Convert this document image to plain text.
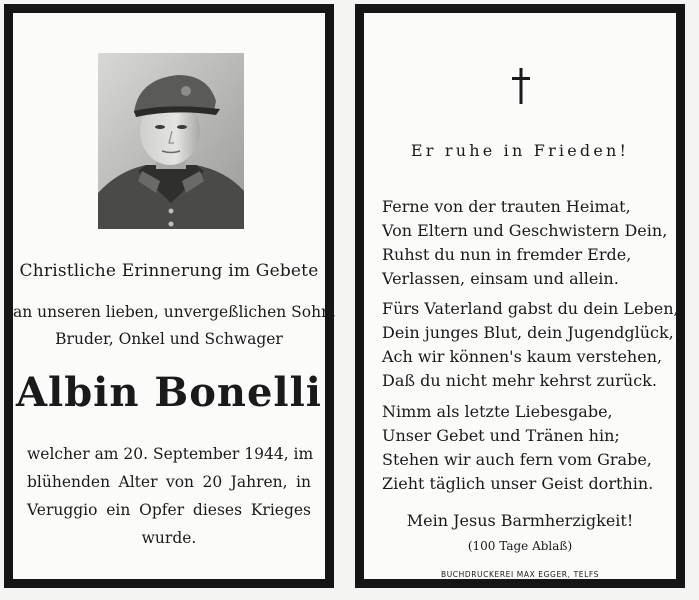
Christliche Erinnerung im Gebete
an unseren lieben, unvergeßlichen Sohn,
Bruder, Onkel und Schwager
Albin Bonelli
welcher am 20. September 1944, im
blühenden Alter von 20 Jahren, in
Veruggio ein Opfer dieses Krieges
wurde.
Er ruhe in Frieden!
Ferne von der trauten Heimat,
Von Eltern und Geschwistern Dein,
Ruhst du nun in fremder Erde,
Verlassen, einsam und allein.
Fürs Vaterland gabst du dein Leben,
Dein junges Blut, dein Jugendglück,
Ach wir können's kaum verstehen,
Daß du nicht mehr kehrst zurück.
Nimm als letzte Liebesgabe,
Unser Gebet und Tränen hin;
Stehen wir auch fern vom Grabe,
Zieht täglich unser Geist dorthin.
Mein Jesus Barmherzigkeit!
(100 Tage Ablaß)
BUCHDRUCKEREI MAX EGGER, TELFS
